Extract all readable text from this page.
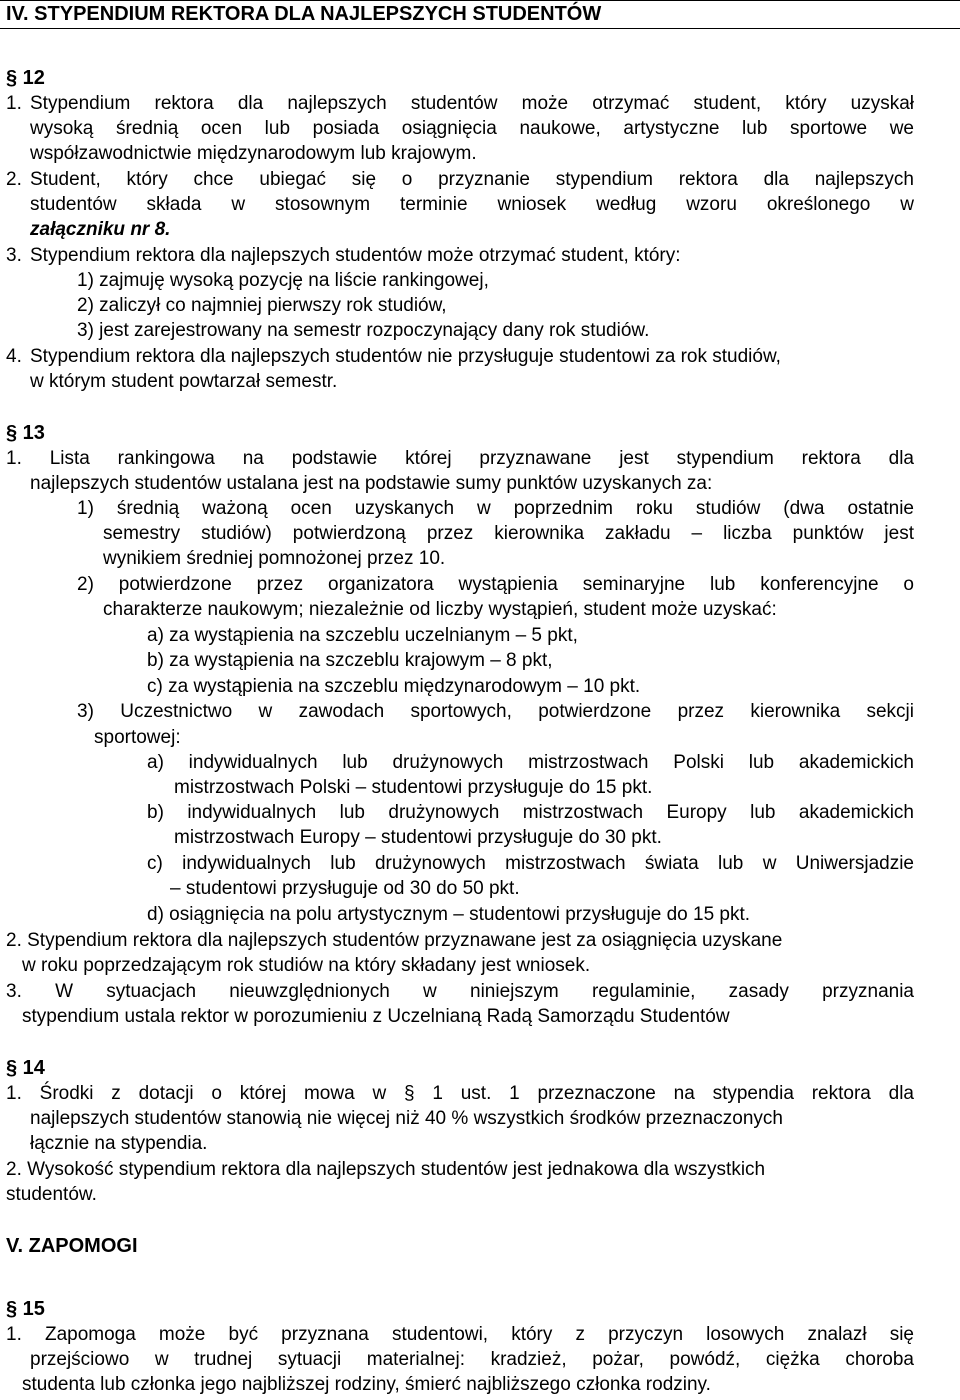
IV. STYPENDIUM REKTORA DLA NAJLEPSZYCH STUDENTÓW
§ 12
1. Stypendium rektora dla najlepszych studentów może otrzymać student, który uzyskał
wysoką średnią ocen lub posiada osiągnięcia naukowe, artystyczne lub sportowe we
współzawodnictwie międzynarodowym lub krajowym.
2. Student, który chce ubiegać się o przyznanie stypendium rektora dla najlepszych
studentów składa w stosownym terminie wniosek według wzoru określonego w
załączniku nr 8.
3. Stypendium rektora dla najlepszych studentów może otrzymać student, który:
1) zajmuję wysoką pozycję na liście rankingowej,
2) zaliczył co najmniej pierwszy rok studiów,
3) jest zarejestrowany na semestr rozpoczynający dany rok studiów.
4. Stypendium rektora dla najlepszych studentów nie przysługuje studentowi za rok studiów,
w którym student powtarzał semestr.
§ 13
1. Lista rankingowa na podstawie której przyznawane jest stypendium rektora dla
najlepszych studentów ustalana jest na podstawie sumy punktów uzyskanych za:
1) średnią ważoną ocen uzyskanych w poprzednim roku studiów (dwa ostatnie
semestry studiów) potwierdzoną przez kierownika zakładu – liczba punktów jest
wynikiem średniej pomnożonej przez 10.
2) potwierdzone przez organizatora wystąpienia seminaryjne lub konferencyjne o
charakterze naukowym; niezależnie od liczby wystąpień, student może uzyskać:
a) za wystąpienia na szczeblu uczelnianym – 5 pkt,
b) za wystąpienia na szczeblu krajowym – 8 pkt,
c) za wystąpienia na szczeblu międzynarodowym – 10 pkt.
3) Uczestnictwo w zawodach sportowych, potwierdzone przez kierownika sekcji
sportowej:
a) indywidualnych lub drużynowych mistrzostwach Polski lub akademickich
mistrzostwach Polski – studentowi przysługuje do 15 pkt.
b) indywidualnych lub drużynowych mistrzostwach Europy lub akademickich
mistrzostwach Europy – studentowi przysługuje do 30 pkt.
c) indywidualnych lub drużynowych mistrzostwach świata lub w Uniwersjadzie
– studentowi przysługuje od 30 do 50 pkt.
d) osiągnięcia na polu artystycznym – studentowi przysługuje do 15 pkt.
2. Stypendium rektora dla najlepszych studentów przyznawane jest za osiągnięcia uzyskane
w roku poprzedzającym rok studiów na który składany jest wniosek.
3. W sytuacjach nieuwzględnionych w niniejszym regulaminie, zasady przyznania
stypendium ustala rektor w porozumieniu z Uczelnianą Radą Samorządu Studentów
§ 14
1. Środki z dotacji o której mowa w § 1 ust. 1 przeznaczone na stypendia rektora dla
najlepszych studentów stanowią nie więcej niż 40 % wszystkich środków przeznaczonych
łącznie na stypendia.
2. Wysokość stypendium rektora dla najlepszych studentów jest jednakowa dla wszystkich
studentów.
V. ZAPOMOGI
§ 15
1. Zapomoga może być przyznana studentowi, który z przyczyn losowych znalazł się
przejściowo w trudnej sytuacji materialnej: kradzież, pożar, powódź, ciężka choroba
studenta lub członka jego najbliższej rodziny, śmierć najbliższego członka rodziny.
